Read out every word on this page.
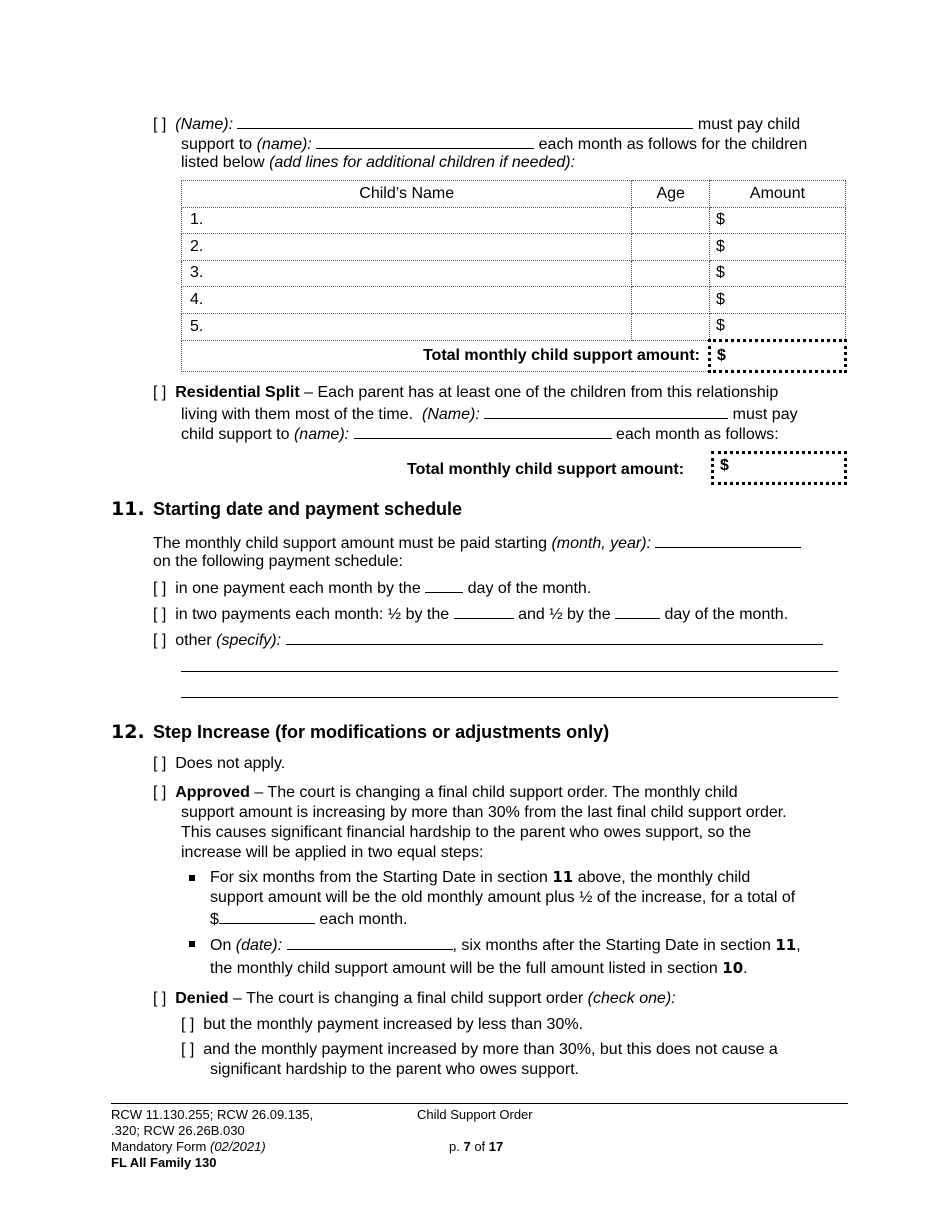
[ ] (Name):	must pay child
support to (name):	each month as follows for the children
listed below (add lines for additional children if needed):
Child’s Name	Age	Amount
1.		$
2.		$
3.		$
4.		$
5.		$
Total monthly child support amount:		$
[ ] Residential Split – Each parent has at least one of the children from this relationship
living with them most of the time. (Name):	must pay
child support to (name):	each month as follows:
Total monthly child support amount:	$
11. Starting date and payment schedule
The monthly child support amount must be paid starting (month, year):
on the following payment schedule:
[ ] in one payment each month by the	day of the month.
[ ] in two payments each month: ½ by the	and ½ by the	day of the month.
[ ] other (specify):
12. Step Increase (for modifications or adjustments only)
[ ] Does not apply.
[ ] Approved – The court is changing a final child support order. The monthly child
support amount is increasing by more than 30% from the last final child support order.
This causes significant financial hardship to the parent who owes support, so the
increase will be applied in two equal steps:
For six months from the Starting Date in section 11 above, the monthly child
support amount will be the old monthly amount plus ½ of the increase, for a total of
$	each month.
On (date):	, six months after the Starting Date in section 11,
the monthly child support amount will be the full amount listed in section 10.
[ ] Denied – The court is changing a final child support order (check one):
[ ] but the monthly payment increased by less than 30%.
[ ] and the monthly payment increased by more than 30%, but this does not cause a
significant hardship to the parent who owes support.
RCW 11.130.255; RCW 26.09.135,
.320; RCW 26.26B.030
Mandatory Form (02/2021)
FL All Family 130
Child Support Order
p. 7 of 17
